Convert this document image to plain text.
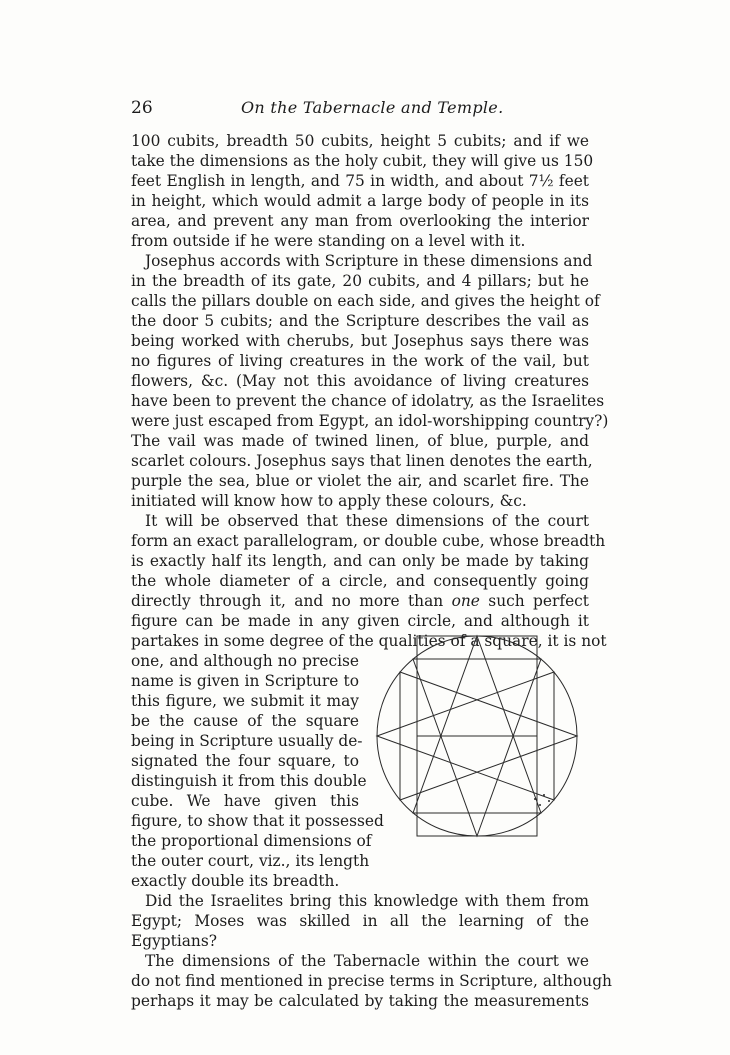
26	On the Tabernacle and Temple.
100 cubits, breadth 50 cubits, height 5 cubits; and if we
take the dimensions as the holy cubit, they will give us 150
feet English in length, and 75 in width, and about 7½ feet
in height, which would admit a large body of people in its
area, and prevent any man from overlooking the interior
from outside if he were standing on a level with it.
Josephus accords with Scripture in these dimensions and
in the breadth of its gate, 20 cubits, and 4 pillars; but he
calls the pillars double on each side, and gives the height of
the door 5 cubits; and the Scripture describes the vail as
being worked with cherubs, but Josephus says there was
no figures of living creatures in the work of the vail, but
flowers, &c. (May not this avoidance of living creatures
have been to prevent the chance of idolatry, as the Israelites
were just escaped from Egypt, an idol-worshipping country?)
The vail was made of twined linen, of blue, purple, and
scarlet colours. Josephus says that linen denotes the earth,
purple the sea, blue or violet the air, and scarlet fire. The
initiated will know how to apply these colours, &c.
It will be observed that these dimensions of the court
form an exact parallelogram, or double cube, whose breadth
is exactly half its length, and can only be made by taking
the whole diameter of a circle, and consequently going
directly through it, and no more than one such perfect
figure can be made in any given circle, and although it
partakes in some degree of the qualities of a square, it is not
one, and although no precise
name is given in Scripture to
this figure, we submit it may
be the cause of the square
being in Scripture usually de-
signated the four square, to
distinguish it from this double
cube. We have given this
figure, to show that it possessed
the proportional dimensions of
the outer court, viz., its length
exactly double its breadth.
Did the Israelites bring this knowledge with them from
Egypt; Moses was skilled in all the learning of the
Egyptians?
The dimensions of the Tabernacle within the court we
do not find mentioned in precise terms in Scripture, although
perhaps it may be calculated by taking the measurements
